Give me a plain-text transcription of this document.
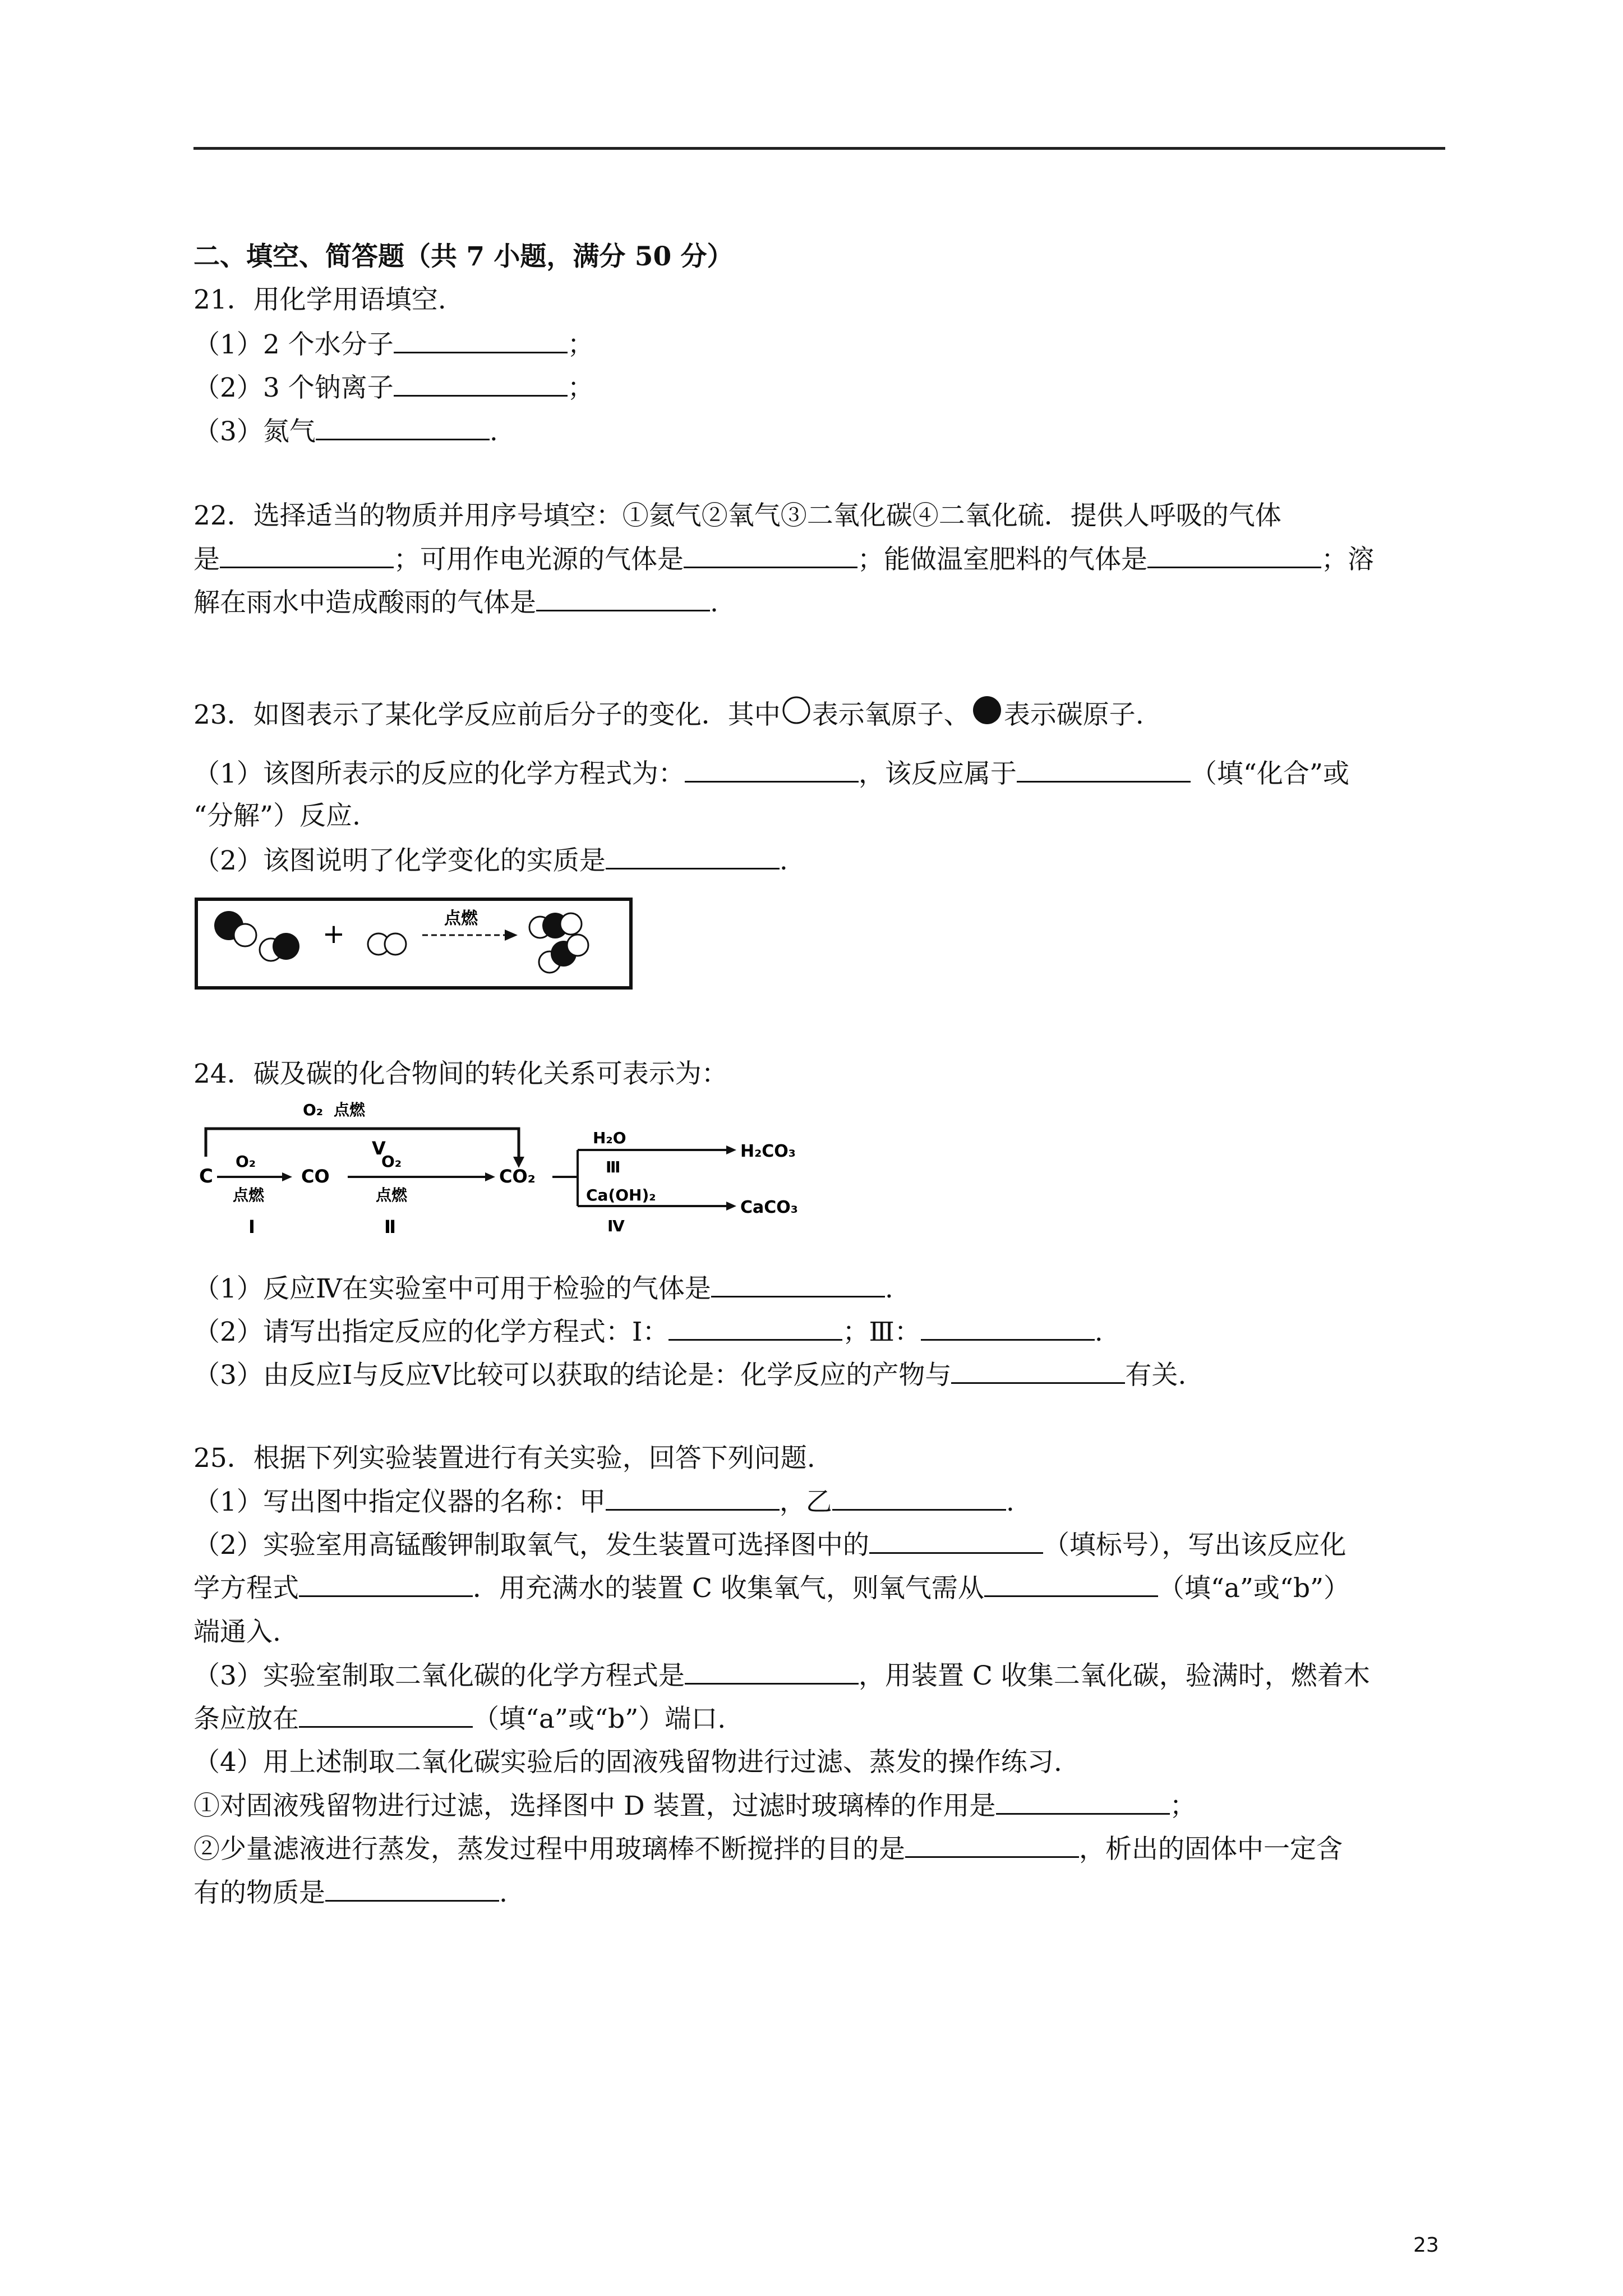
二、填空、简答题（共 7 小题，满分 50 分）
21．用化学用语填空.
（1）2 个水分子	；
（2）3 个钠离子	；
（3）氮气	.
22．选择适当的物质并用序号填空：①氦气②氧气③二氧化碳④二氧化硫．提供人呼吸的气体
是	；可用作电光源的气体是	；能做温室肥料的气体是	；溶
解在雨水中造成酸雨的气体是	.
23．如图表示了某化学反应前后分子的变化．其中 表示氧原子、 表示碳原子.
（1）该图所表示的反应的化学方程式为：	，该反应属于	（填“化合”或
“分解”）反应.
（2）该图说明了化学变化的实质是	.
+	点燃
24．碳及碳的化合物间的转化关系可表示为：
O₂ 点燃
Ⅴ
C
O₂
点燃
Ⅰ
CO
O₂
点燃
Ⅱ
CO₂
H₂O
Ⅲ
Ca(OH)₂
Ⅳ
H₂CO₃
CaCO₃
（1）反应Ⅳ在实验室中可用于检验的气体是	.
（2）请写出指定反应的化学方程式：Ⅰ：	；Ⅲ：	.
（3）由反应Ⅰ与反应Ⅴ比较可以获取的结论是：化学反应的产物与	有关.
25．根据下列实验装置进行有关实验，回答下列问题.
（1）写出图中指定仪器的名称：甲	，乙	.
（2）实验室用高锰酸钾制取氧气，发生装置可选择图中的	（填标号），写出该反应化
学方程式	．用充满水的装置 C 收集氧气，则氧气需从	（填“a”或“b”）
端通入.
（3）实验室制取二氧化碳的化学方程式是	，用装置 C 收集二氧化碳，验满时，燃着木
条应放在	（填“a”或“b”）端口.
（4）用上述制取二氧化碳实验后的固液残留物进行过滤、蒸发的操作练习.
①对固液残留物进行过滤，选择图中 D 装置，过滤时玻璃棒的作用是	；
②少量滤液进行蒸发，蒸发过程中用玻璃棒不断搅拌的目的是	，析出的固体中一定含
有的物质是	.
23
